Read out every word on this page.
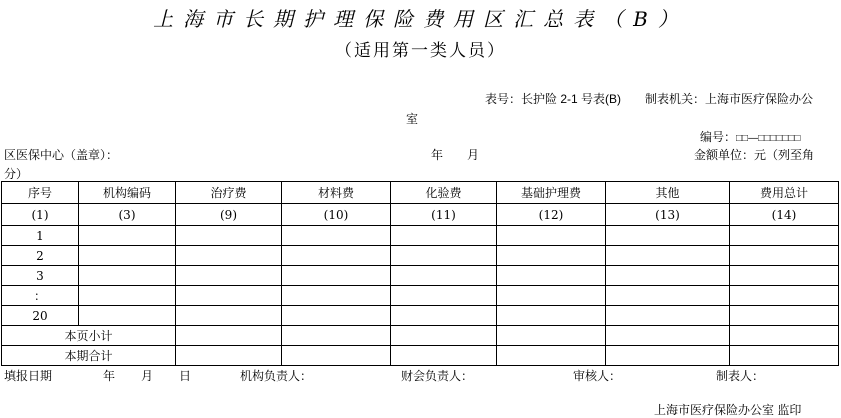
上海市长期护理保险费用区汇总表（B）
（适用第一类人员）
表号：长护险 2-1 号表(B) 制表机关：上海市医疗保险办公
室
编号：□□—□□□□□□□
区医保中心（盖章）：	年 月	金额单位：元（列至角
分）
序号	机构编码	治疗费	材料费	化验费	基础护理费	其他	费用总计
(1)	(3)	(9)	(10)	(11)	(12)	(13)	(14)
1							
2							
3							
：							
20							
本页小计							
本期合计							
填报日期	年 月 日	机构负责人：	财会负责人：	审核人：	制表人：
上海市医疗保险办公室 监印
